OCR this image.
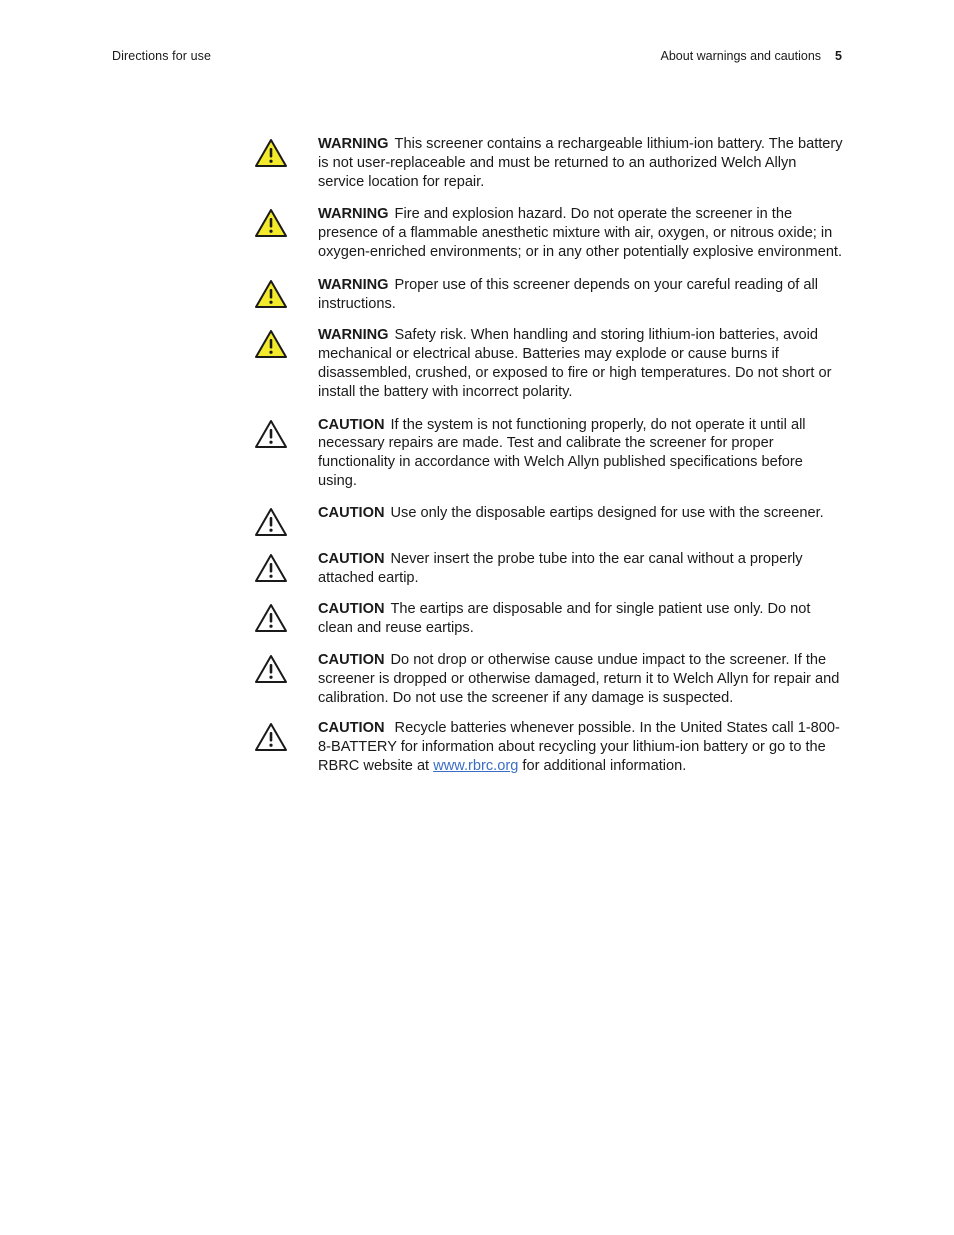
Directions for use	About warnings and cautions 5
WARNING This screener contains a rechargeable lithium-ion battery. The battery is not user-replaceable and must be returned to an authorized Welch Allyn service location for repair.
WARNING Fire and explosion hazard. Do not operate the screener in the presence of a flammable anesthetic mixture with air, oxygen, or nitrous oxide; in oxygen-enriched environments; or in any other potentially explosive environment.
WARNING Proper use of this screener depends on your careful reading of all instructions.
WARNING Safety risk. When handling and storing lithium-ion batteries, avoid mechanical or electrical abuse. Batteries may explode or cause burns if disassembled, crushed, or exposed to fire or high temperatures. Do not short or install the battery with incorrect polarity.
CAUTION If the system is not functioning properly, do not operate it until all necessary repairs are made. Test and calibrate the screener for proper functionality in accordance with Welch Allyn published specifications before using.
CAUTION Use only the disposable eartips designed for use with the screener.
CAUTION Never insert the probe tube into the ear canal without a properly attached eartip.
CAUTION The eartips are disposable and for single patient use only. Do not clean and reuse eartips.
CAUTION Do not drop or otherwise cause undue impact to the screener. If the screener is dropped or otherwise damaged, return it to Welch Allyn for repair and calibration. Do not use the screener if any damage is suspected.
CAUTION Recycle batteries whenever possible. In the United States call 1-800-8-BATTERY for information about recycling your lithium-ion battery or go to the RBRC website at www.rbrc.org for additional information.
